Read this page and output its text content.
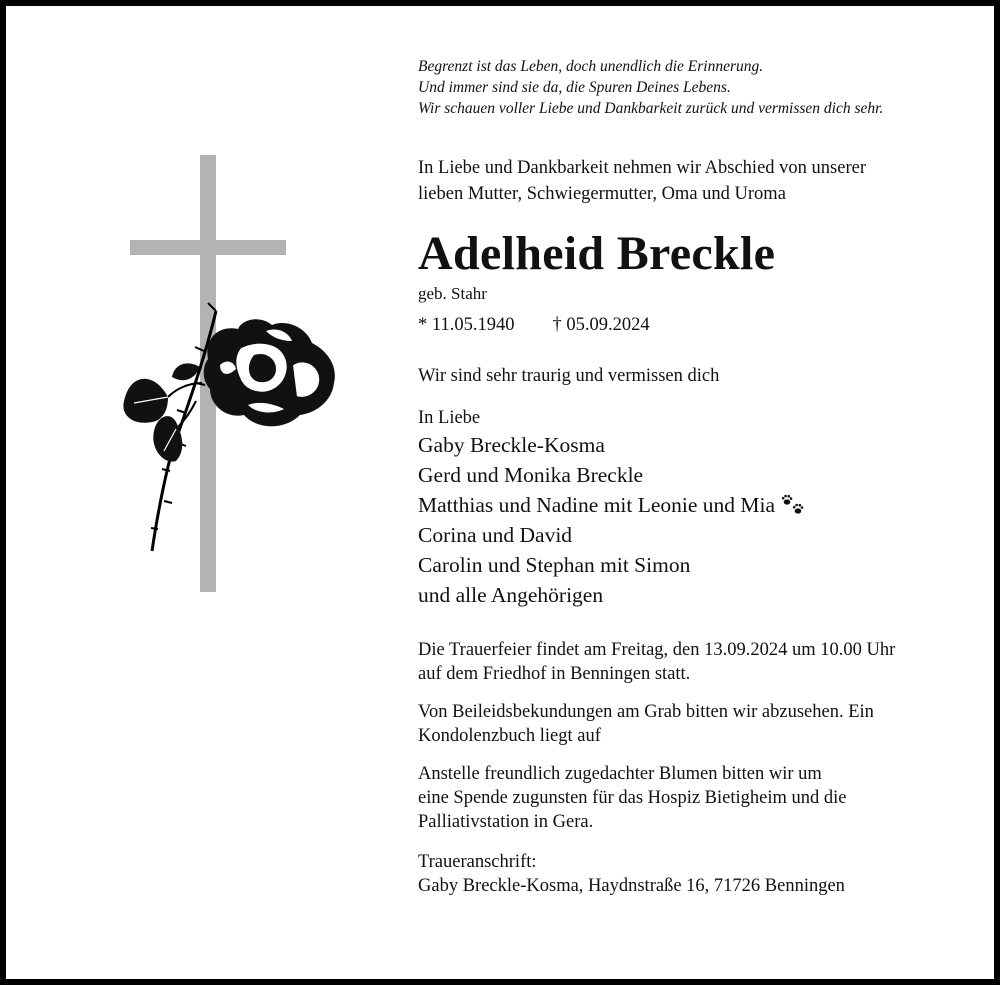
Begrenzt ist das Leben, doch unendlich die Erinnerung.
Und immer sind sie da, die Spuren Deines Lebens.
Wir schauen voller Liebe und Dankbarkeit zurück und vermissen dich sehr.
In Liebe und Dankbarkeit nehmen wir Abschied von unserer
lieben Mutter, Schwiegermutter, Oma und Uroma
Adelheid Breckle
geb. Stahr
* 11.05.1940 † 05.09.2024
Wir sind sehr traurig und vermissen dich
In Liebe
Gaby Breckle-Kosma
Gerd und Monika Breckle
Matthias und Nadine mit Leonie und Mia
Corina und David
Carolin und Stephan mit Simon
und alle Angehörigen
Die Trauerfeier findet am Freitag, den 13.09.2024 um 10.00 Uhr
auf dem Friedhof in Benningen statt.
Von Beileidsbekundungen am Grab bitten wir abzusehen. Ein
Kondolenzbuch liegt auf
Anstelle freundlich zugedachter Blumen bitten wir um
eine Spende zugunsten für das Hospiz Bietigheim und die
Palliativstation in Gera.
Traueranschrift:
Gaby Breckle-Kosma, Haydnstraße 16, 71726 Benningen
